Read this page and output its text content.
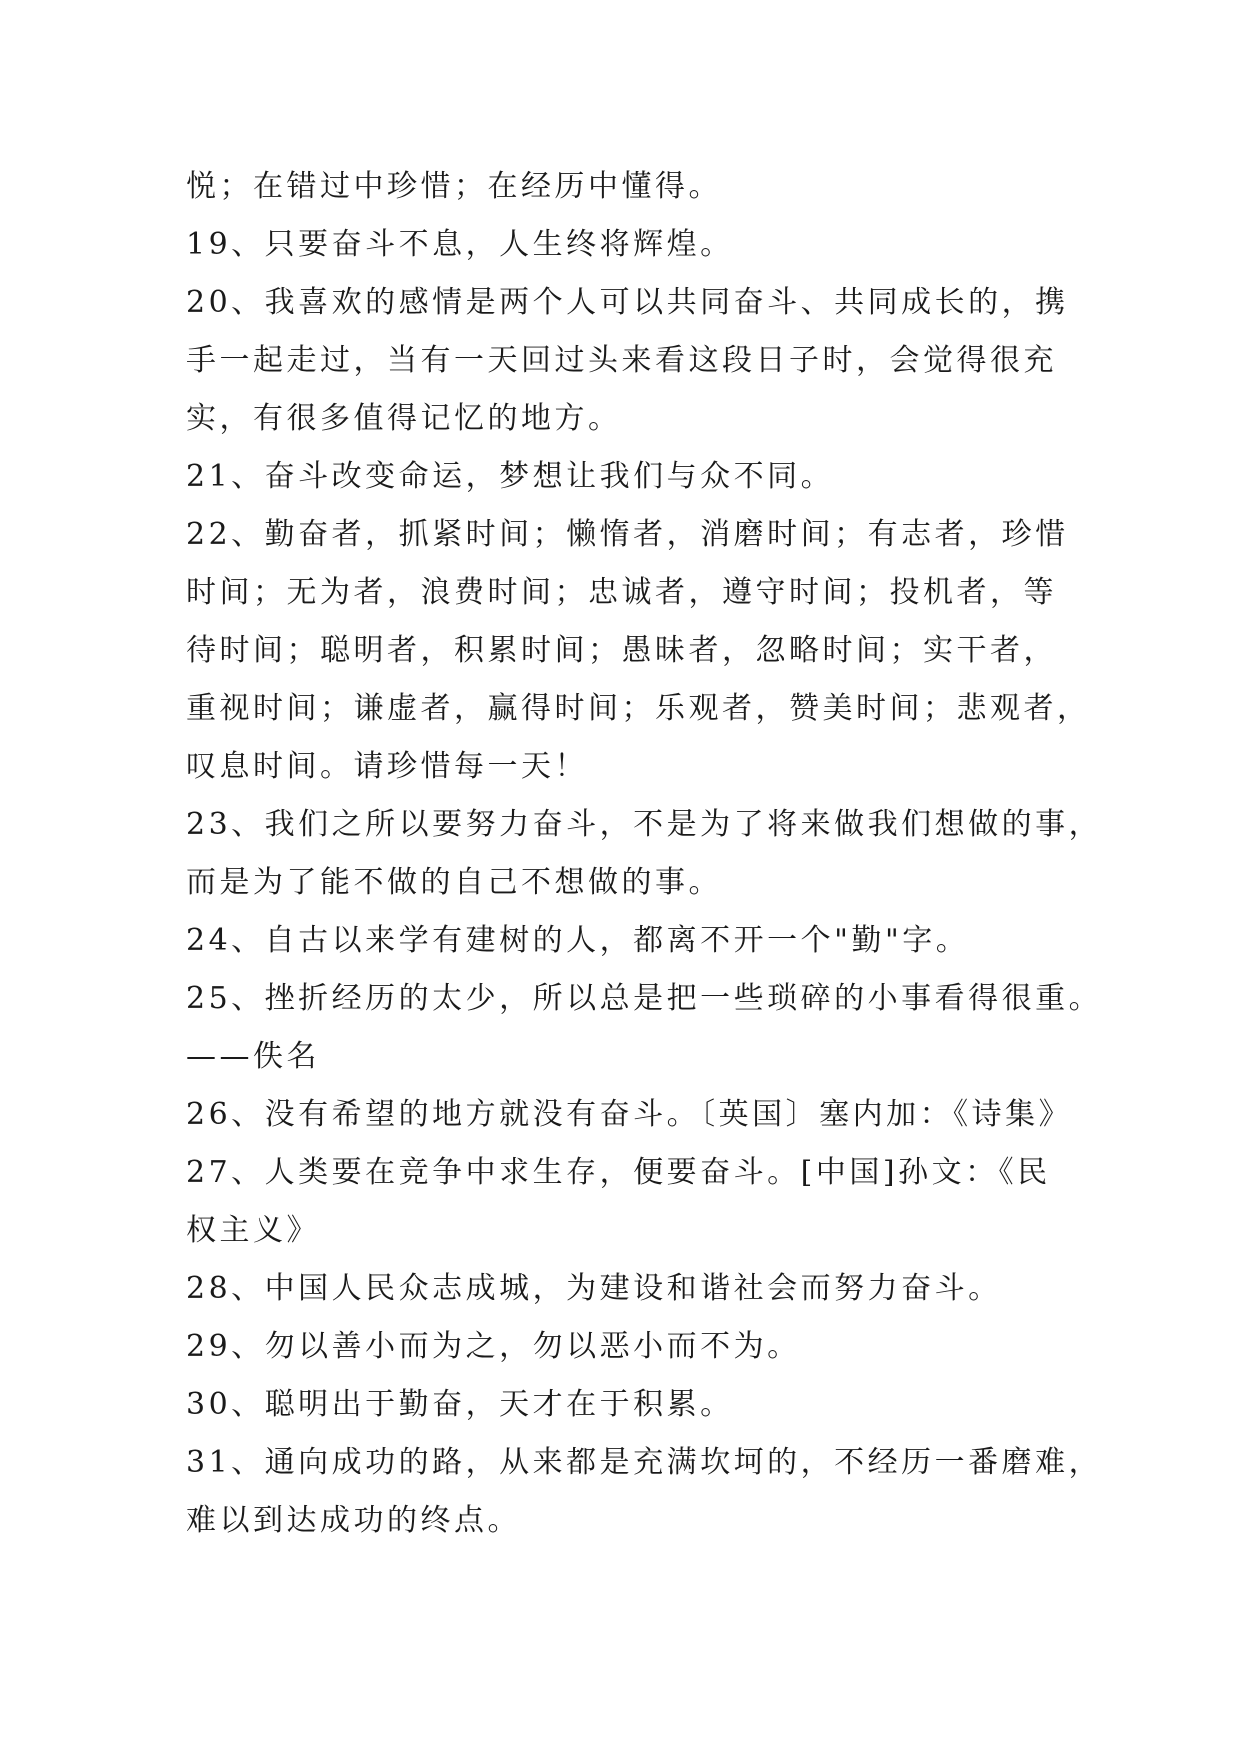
悦；在错过中珍惜；在经历中懂得。
19、只要奋斗不息，人生终将辉煌。
20、我喜欢的感情是两个人可以共同奋斗、共同成长的，携
手一起走过，当有一天回过头来看这段日子时，会觉得很充
实，有很多值得记忆的地方。
21、奋斗改变命运，梦想让我们与众不同。
22、勤奋者，抓紧时间；懒惰者，消磨时间；有志者，珍惜
时间；无为者，浪费时间；忠诚者，遵守时间；投机者，等
待时间；聪明者，积累时间；愚昧者，忽略时间；实干者，
重视时间；谦虚者，赢得时间；乐观者，赞美时间；悲观者，
叹息时间。请珍惜每一天！
23、我们之所以要努力奋斗，不是为了将来做我们想做的事，
而是为了能不做的自己不想做的事。
24、自古以来学有建树的人，都离不开一个"勤"字。
25、挫折经历的太少，所以总是把一些琐碎的小事看得很重。
——佚名
26、没有希望的地方就没有奋斗。〔英国〕塞内加：《诗集》
27、人类要在竞争中求生存，便要奋斗。[中国]孙文：《民
权主义》
28、中国人民众志成城，为建设和谐社会而努力奋斗。
29、勿以善小而为之，勿以恶小而不为。
30、聪明出于勤奋，天才在于积累。
31、通向成功的路，从来都是充满坎坷的，不经历一番磨难，
难以到达成功的终点。
